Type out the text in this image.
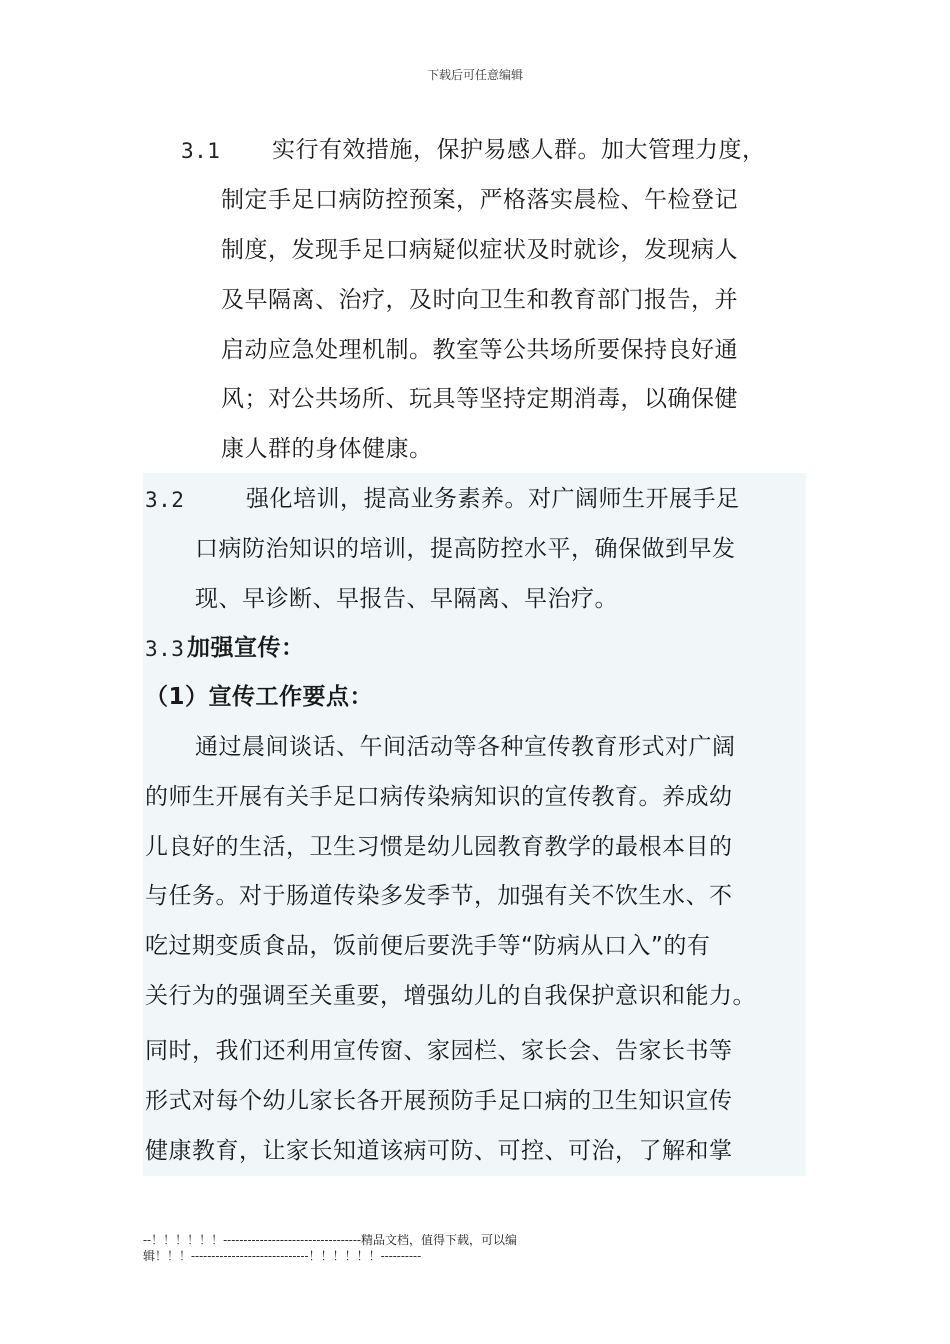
下载后可任意编辑
3.1 实行有效措施，保护易感人群。加大管理力度，
制定手足口病防控预案，严格落实晨检、午检登记
制度，发现手足口病疑似症状及时就诊，发现病人
及早隔离、治疗，及时向卫生和教育部门报告，并
启动应急处理机制。教室等公共场所要保持良好通
风；对公共场所、玩具等坚持定期消毒，以确保健
康人群的身体健康。
3.2	强化培训，提高业务素养。对广阔师生开展手足
口病防治知识的培训，提高防控水平，确保做到早发
现、早诊断、早报告、早隔离、早治疗。
3.3 加强宣传：
（1）宣传工作要点：
通过晨间谈话、午间活动等各种宣传教育形式对广阔
的师生开展有关手足口病传染病知识的宣传教育。养成幼
儿良好的生活，卫生习惯是幼儿园教育教学的最根本目的
与任务。对于肠道传染多发季节，加强有关不饮生水、不
吃过期变质食品，饭前便后要洗手等“防病从口入”的有
关行为的强调至关重要，增强幼儿的自我保护意识和能力。
同时，我们还利用宣传窗、家园栏、家长会、告家长书等
形式对每个幼儿家长各开展预防手足口病的卫生知识宣传
健康教育，让家长知道该病可防、可控、可治，了解和掌
--！！！！！！----------------------------------精品文档，值得下载，可以编
辑！！！-----------------------------！！！！！！----------
